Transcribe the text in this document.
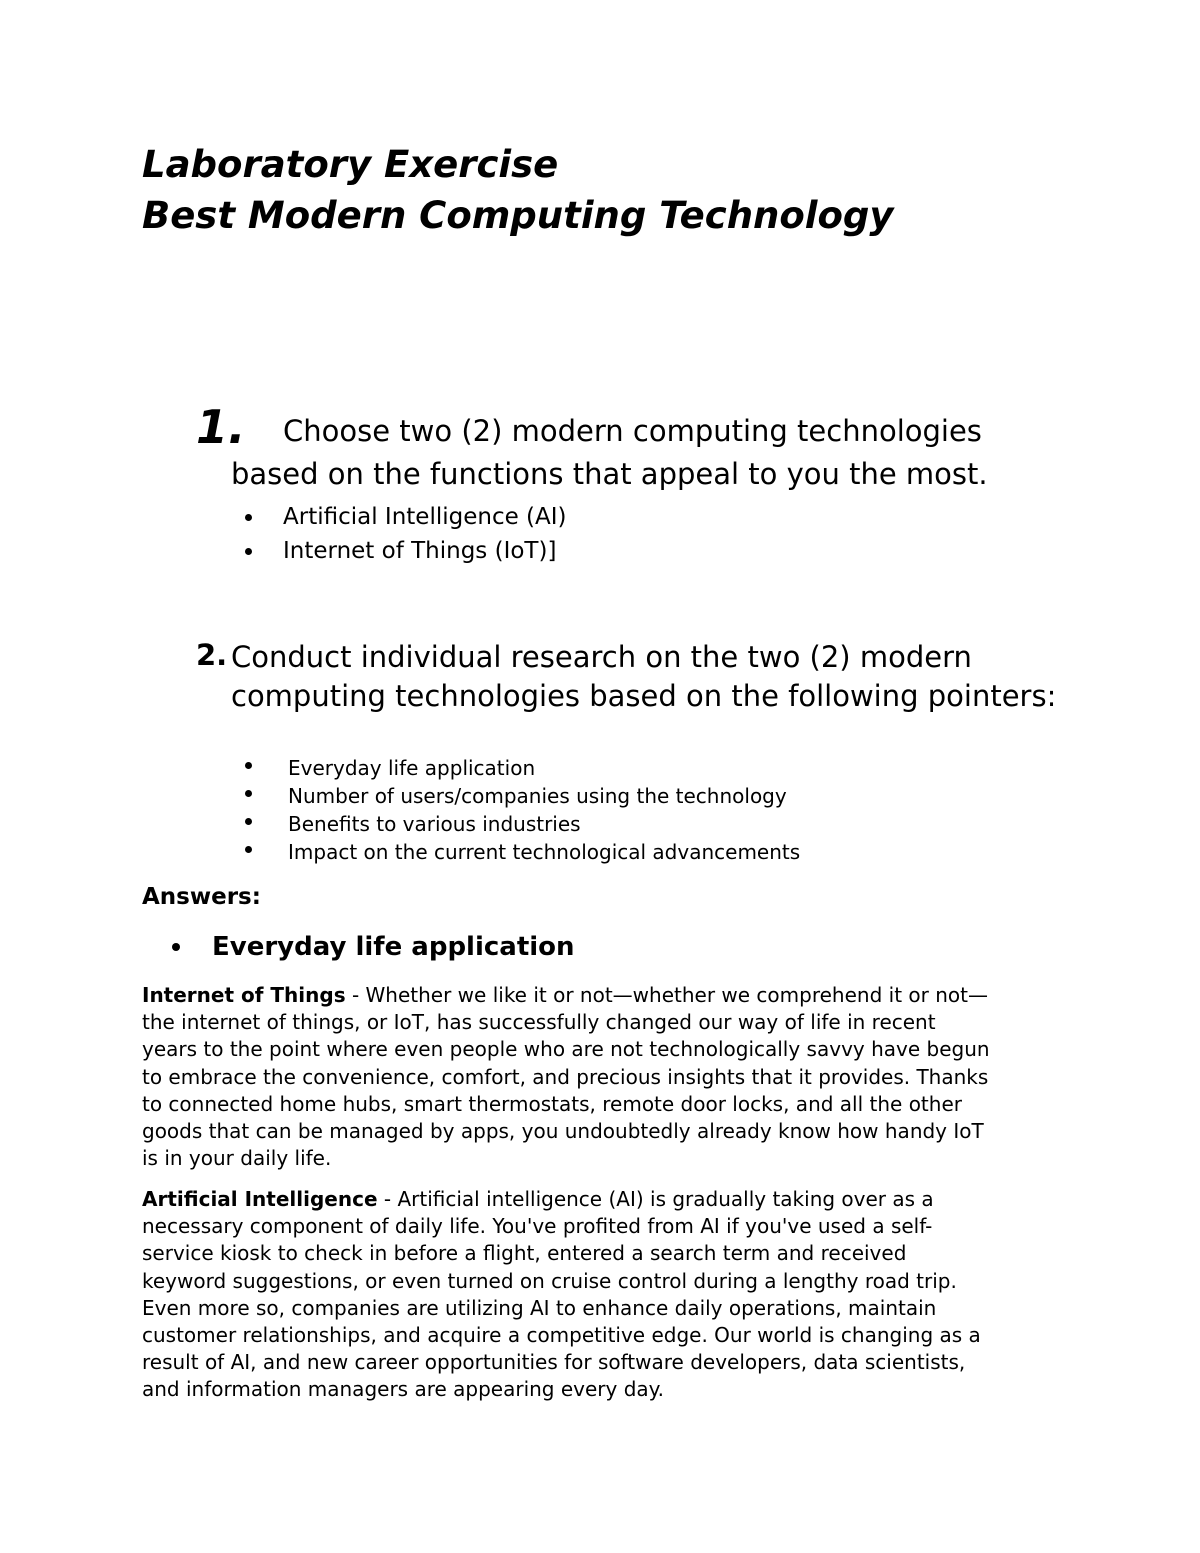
Laboratory Exercise
Best Modern Computing Technology
1. Choose two (2) modern computing technologies
based on the functions that appeal to you the most.
Artificial Intelligence (AI)
Internet of Things (IoT)]
2. Conduct individual research on the two (2) modern computing technologies based on the following pointers:

Everyday life application
Number of users/companies using the technology
Benefits to various industries
Impact on the current technological advancements
Answers:
Everyday life application
Internet of Things - Whether we like it or not—whether we comprehend it or not—
the internet of things, or IoT, has successfully changed our way of life in recent
years to the point where even people who are not technologically savvy have begun
to embrace the convenience, comfort, and precious insights that it provides. Thanks
to connected home hubs, smart thermostats, remote door locks, and all the other
goods that can be managed by apps, you undoubtedly already know how handy IoT
is in your daily life.
Artificial Intelligence - Artificial intelligence (AI) is gradually taking over as a
necessary component of daily life. You've profited from AI if you've used a self-
service kiosk to check in before a flight, entered a search term and received
keyword suggestions, or even turned on cruise control during a lengthy road trip.
Even more so, companies are utilizing AI to enhance daily operations, maintain
customer relationships, and acquire a competitive edge. Our world is changing as a
result of AI, and new career opportunities for software developers, data scientists,
and information managers are appearing every day.
